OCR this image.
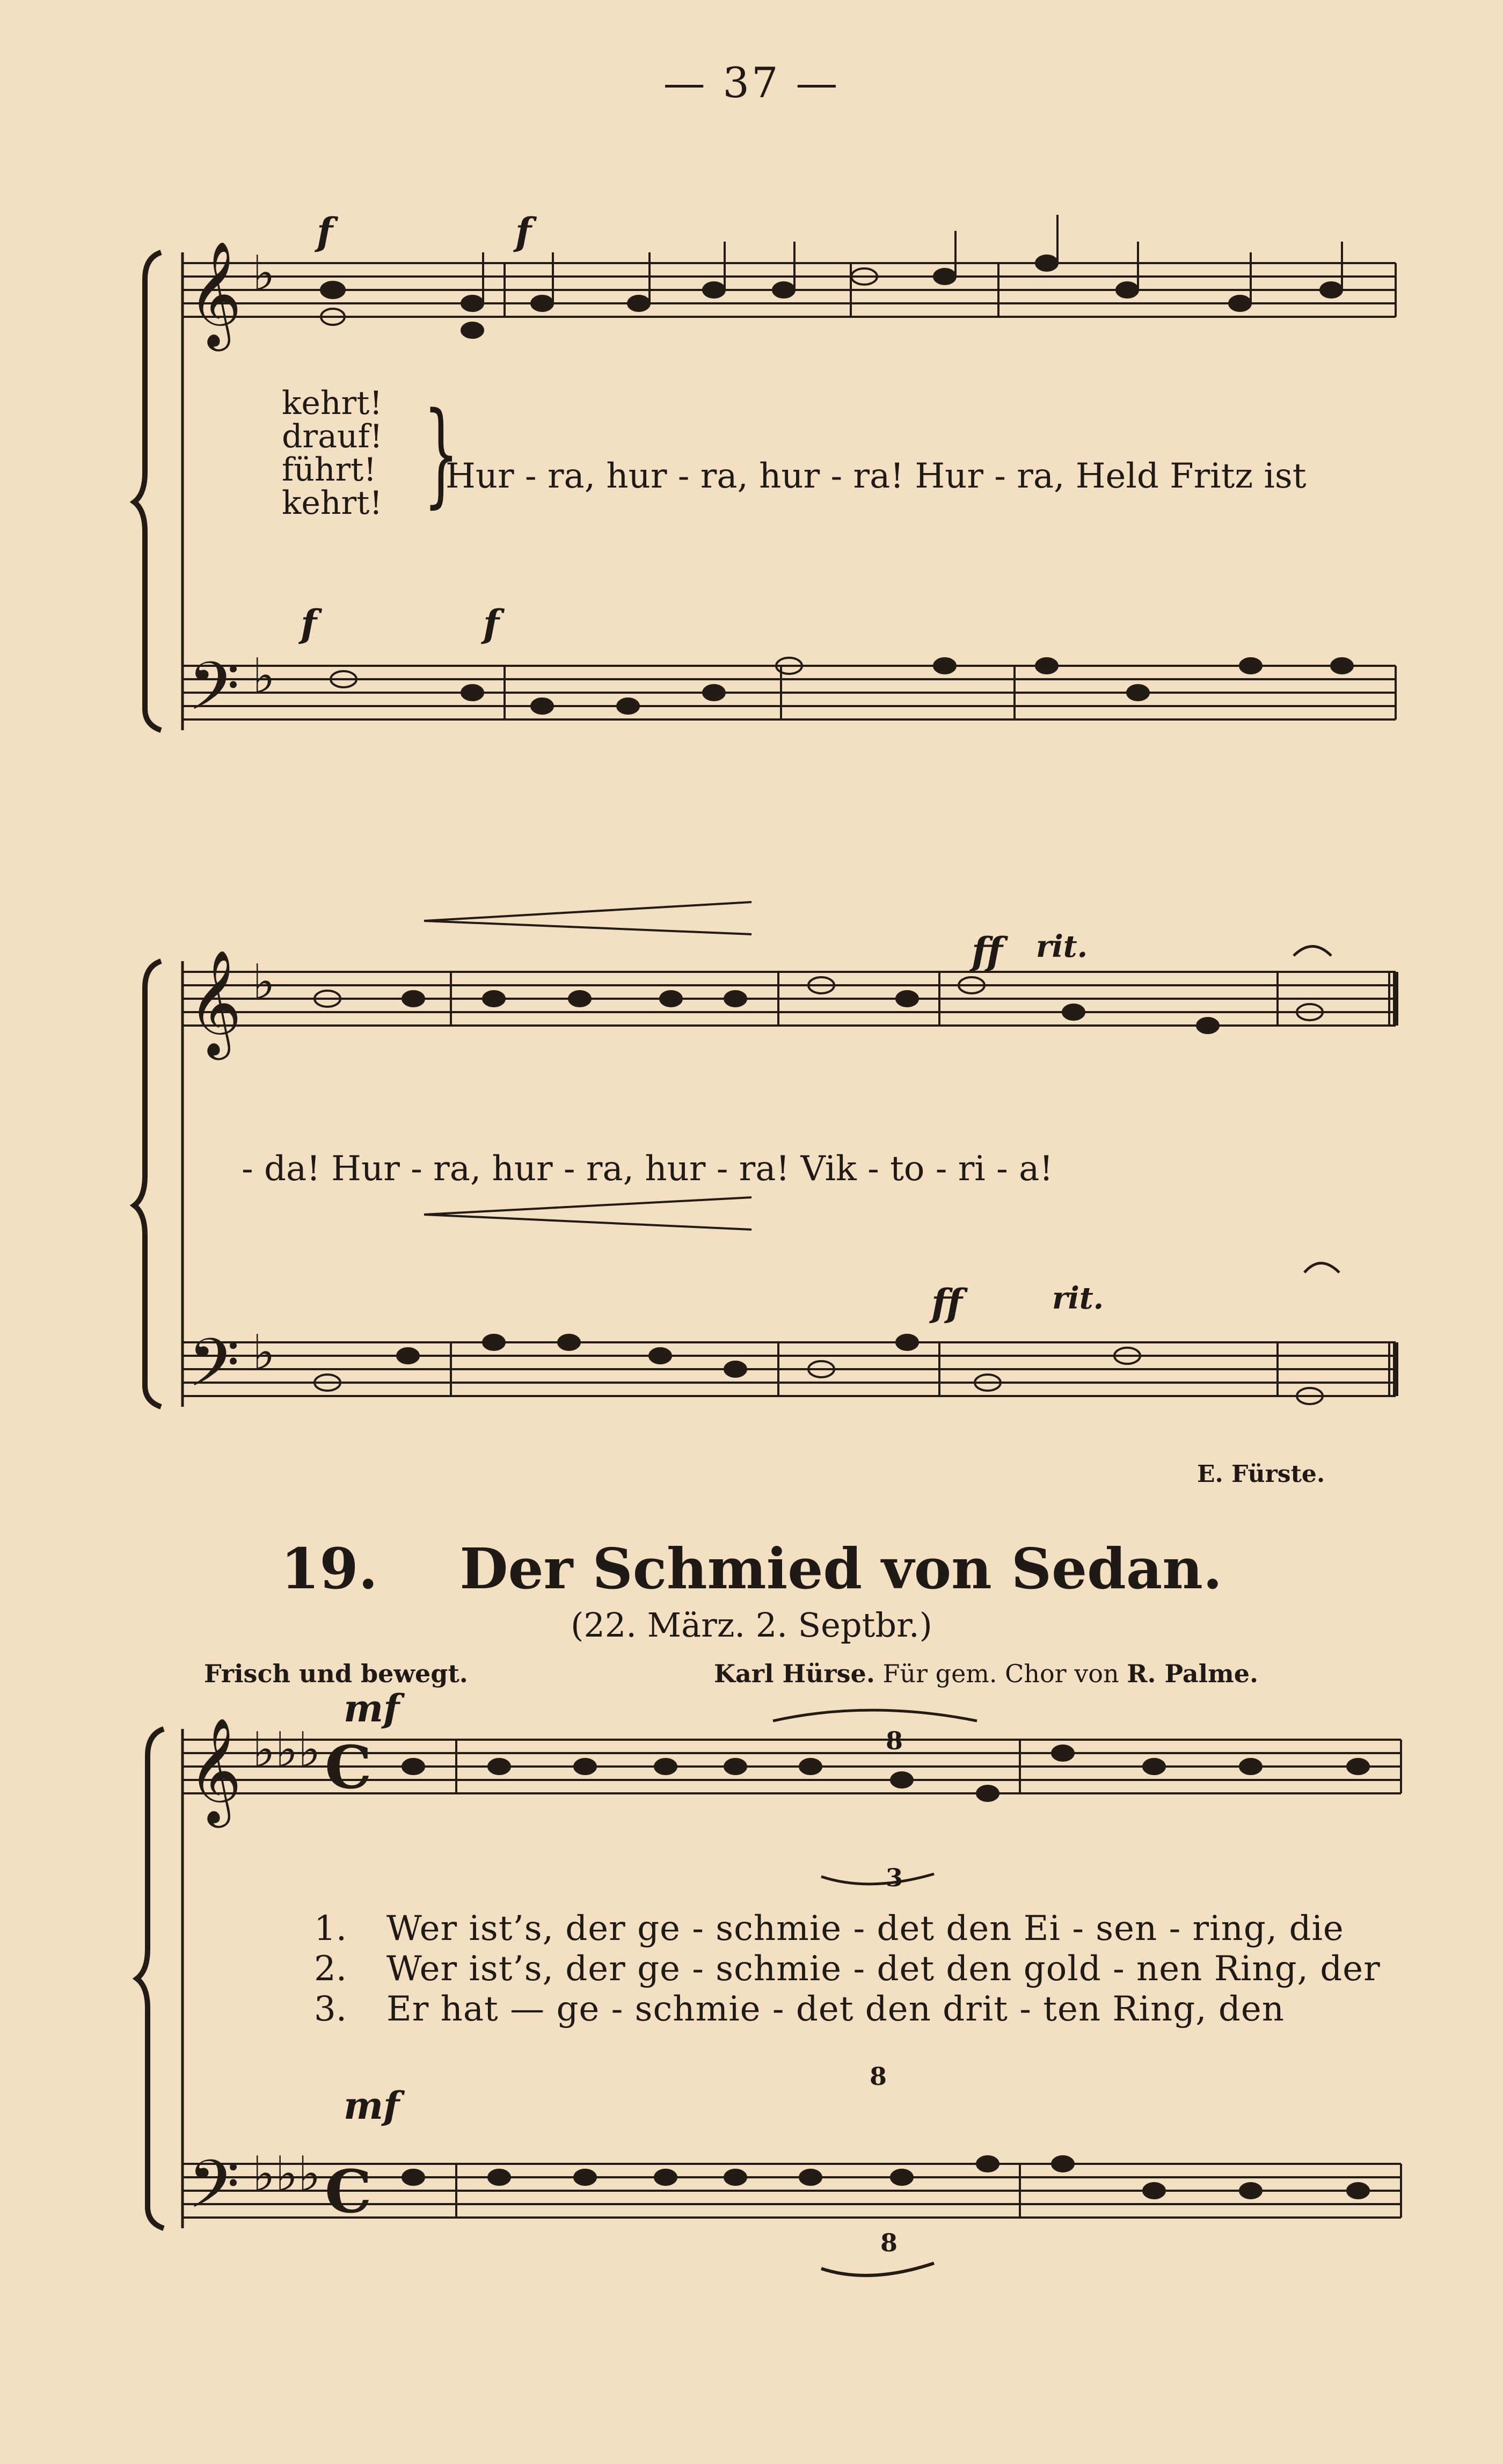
— 37 —
𝄞
𝄢
𝄞
𝄢
𝄞
𝄢
♭
♭
♭
♭
♭♭♭
♭♭♭
C
C
f	f
f	f
kehrt!
drauf!
führt!
kehrt! }
Hur - ra, hur - ra, hur - ra! Hur - ra, Held Fritz ist
ff rit.
- da! Hur - ra, hur - ra, hur - ra! Vik - to - ri - a!
ff	rit.
E. Fürste.
19. Der Schmied von Sedan.
(22. März. 2. Septbr.)
Frisch und bewegt.	Karl Hürse. Für gem. Chor von R. Palme.
mf
mf
8
3
8
8
1. Wer ist’s, der ge - schmie - det den Ei - sen - ring, die
2. Wer ist’s, der ge - schmie - det den gold - nen Ring, der
3. Er hat — ge - schmie - det den drit - ten Ring, den
